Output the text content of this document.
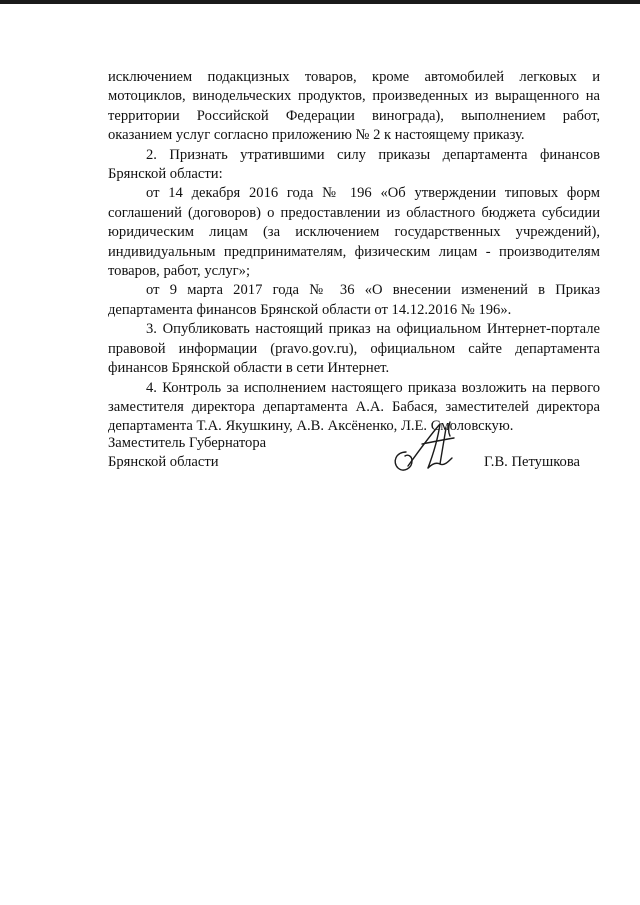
исключением подакцизных товаров, кроме автомобилей легковых и мотоциклов, винодельческих продуктов, произведенных из выращенного на территории Российской Федерации винограда), выполнением работ, оказанием услуг согласно приложению № 2 к настоящему приказу.

2. Признать утратившими силу приказы департамента финансов Брянской области:

от 14 декабря 2016 года № 196 «Об утверждении типовых форм соглашений (договоров) о предоставлении из областного бюджета субсидии юридическим лицам (за исключением государственных учреждений), индивидуальным предпринимателям, физическим лицам - производителям товаров, работ, услуг»;

от 9 марта 2017 года № 36 «О внесении изменений в Приказ департамента финансов Брянской области от 14.12.2016 № 196».

3. Опубликовать настоящий приказ на официальном Интернет-портале правовой информации (pravo.gov.ru), официальном сайте департамента финансов Брянской области в сети Интернет.

4. Контроль за исполнением настоящего приказа возложить на первого заместителя директора департамента А.А. Бабася, заместителей директора департамента Т.А. Якушкину, А.В. Аксёненко, Л.Е. Смоловскую.

Заместитель Губернатора
Брянской области	Г.В. Петушкова
